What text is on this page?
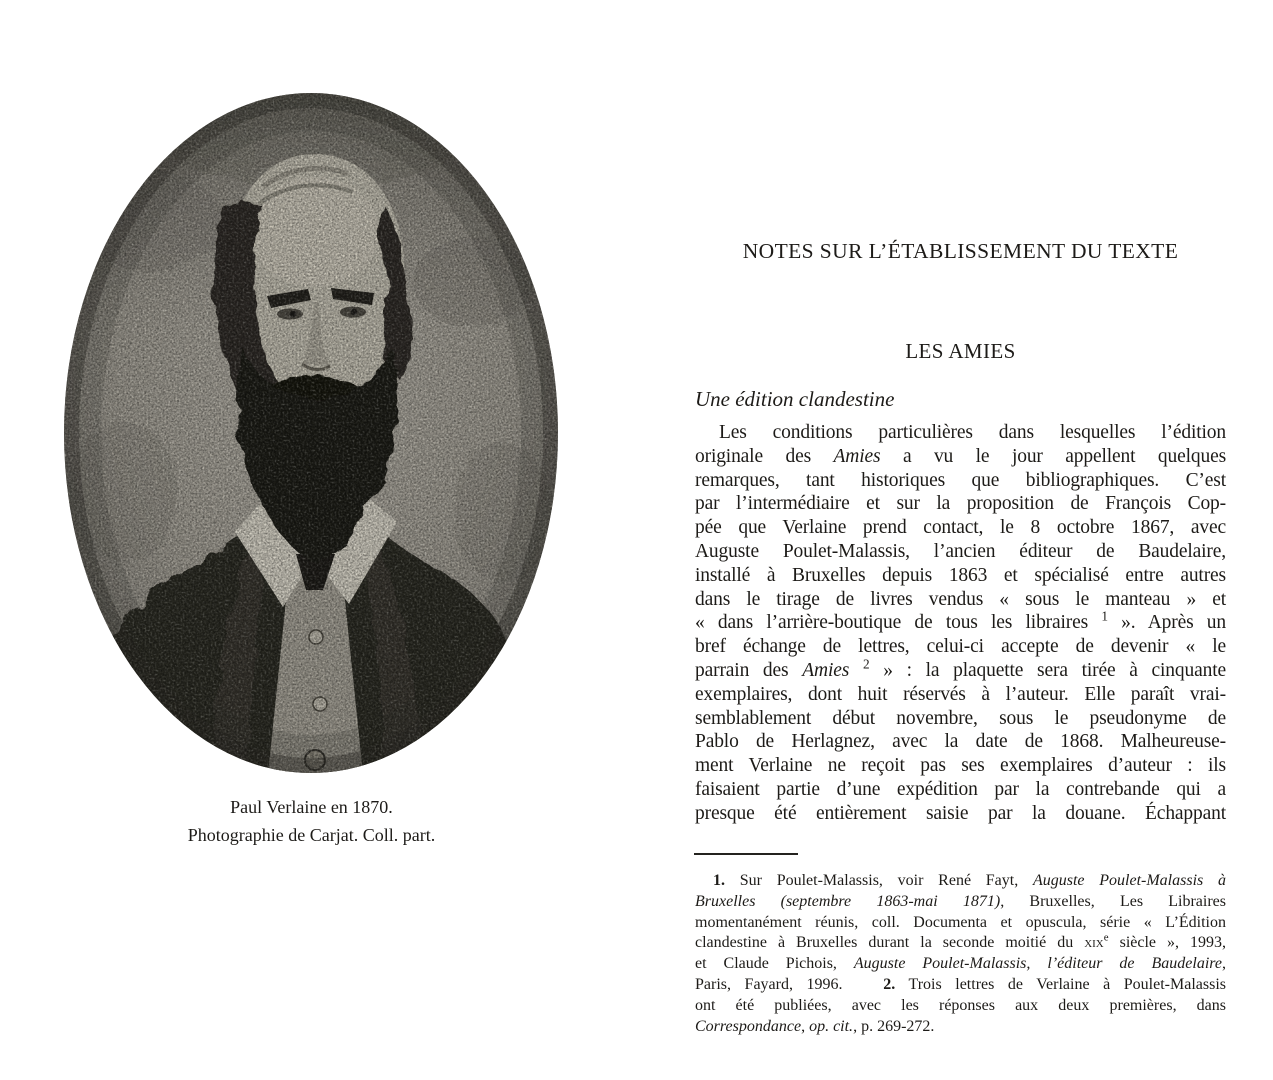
Paul Verlaine en 1870.
Photographie de Carjat. Coll. part.
NOTES SUR L’ÉTABLISSEMENT DU TEXTE
LES AMIES
Une édition clandestine
Les conditions particulières dans lesquelles l’édition
originale des Amies a vu le jour appellent quelques
remarques, tant historiques que bibliographiques. C’est
par l’intermédiaire et sur la proposition de François Cop-
pée que Verlaine prend contact, le 8 octobre 1867, avec
Auguste Poulet-Malassis, l’ancien éditeur de Baudelaire,
installé à Bruxelles depuis 1863 et spécialisé entre autres
dans le tirage de livres vendus « sous le manteau » et
« dans l’arrière-boutique de tous les libraires $^1$ ». Après un
bref échange de lettres, celui-ci accepte de devenir « le
parrain des Amies $^2$ » : la plaquette sera tirée à cinquante
exemplaires, dont huit réservés à l’auteur. Elle paraît vrai-
semblablement début novembre, sous le pseudonyme de
Pablo de Herlagnez, avec la date de 1868. Malheureuse-
ment Verlaine ne reçoit pas ses exemplaires d’auteur : ils
faisaient partie d’une expédition par la contrebande qui a
presque été entièrement saisie par la douane. Échappant
1. Sur Poulet-Malassis, voir René Fayt, Auguste Poulet-Malassis à
Bruxelles (septembre 1863-mai 1871), Bruxelles, Les Libraires
momentanément réunis, coll. Documenta et opuscula, série « L’Édition
clandestine à Bruxelles durant la seconde moitié du xix$^e$ siècle », 1993,
et Claude Pichois, Auguste Poulet-Malassis, l’éditeur de Baudelaire,
Paris, Fayard, 1996.   2. Trois lettres de Verlaine à Poulet-Malassis
ont été publiées, avec les réponses aux deux premières, dans
Correspondance, op. cit., p. 269-272.
